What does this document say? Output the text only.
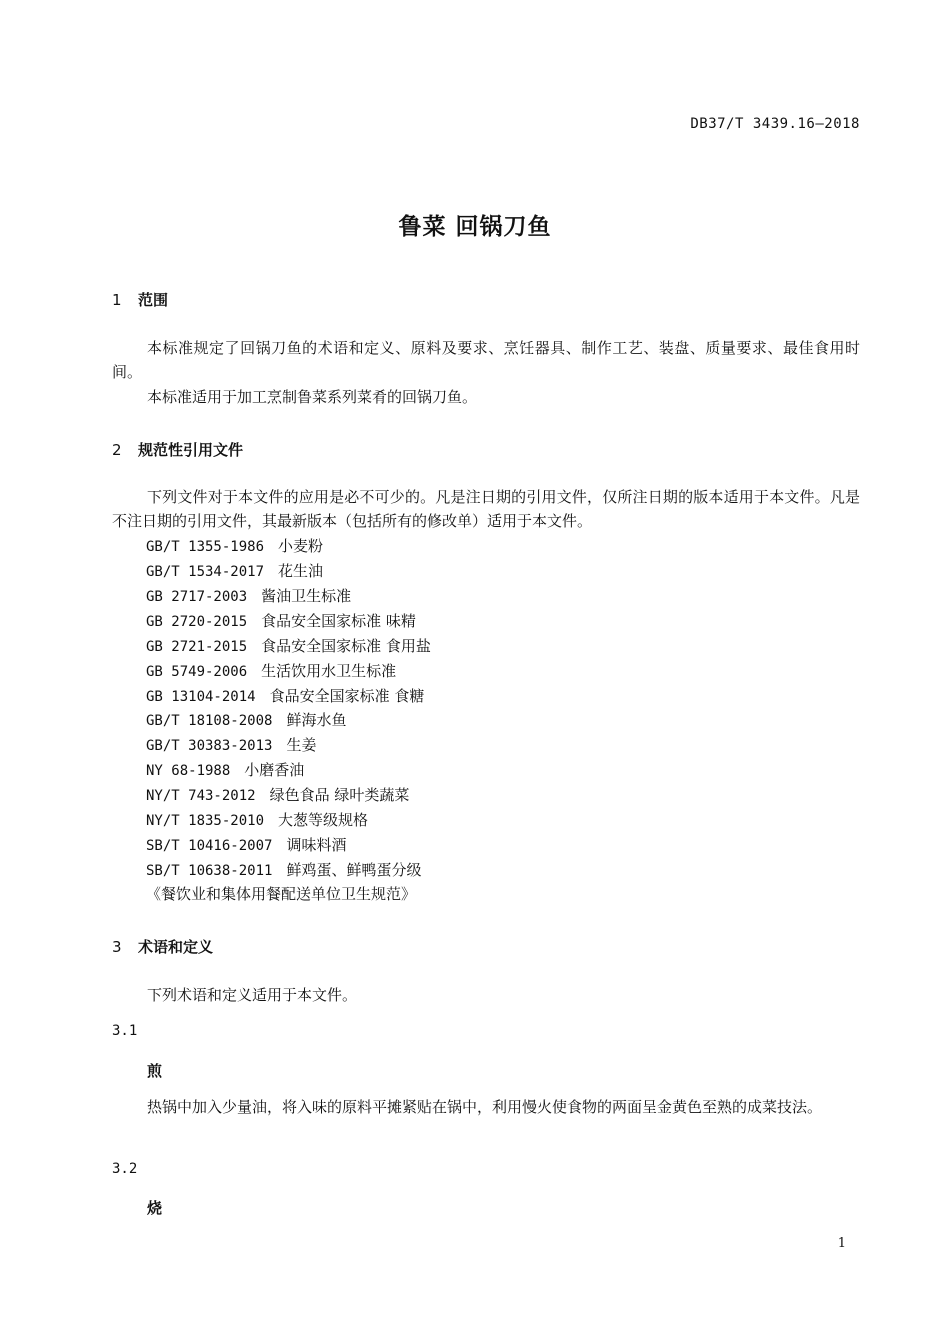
DB37/T 3439.16—2018
鲁菜 回锅刀鱼
1 范围
本标准规定了回锅刀鱼的术语和定义、原料及要求、烹饪器具、制作工艺、装盘、质量要求、最佳食用时间。
本标准适用于加工烹制鲁菜系列菜肴的回锅刀鱼。
2 规范性引用文件
下列文件对于本文件的应用是必不可少的。凡是注日期的引用文件，仅所注日期的版本适用于本文件。凡是不注日期的引用文件，其最新版本（包括所有的修改单）适用于本文件。
GB/T 1355-1986 小麦粉
GB/T 1534-2017 花生油
GB 2717-2003 酱油卫生标准
GB 2720-2015 食品安全国家标准 味精
GB 2721-2015 食品安全国家标准 食用盐
GB 5749-2006 生活饮用水卫生标准
GB 13104-2014 食品安全国家标准 食糖
GB/T 18108-2008 鲜海水鱼
GB/T 30383-2013 生姜
NY 68-1988 小磨香油
NY/T 743-2012 绿色食品 绿叶类蔬菜
NY/T 1835-2010 大葱等级规格
SB/T 10416-2007 调味料酒
SB/T 10638-2011 鲜鸡蛋、鲜鸭蛋分级
《餐饮业和集体用餐配送单位卫生规范》
3 术语和定义
下列术语和定义适用于本文件。
3.1
煎
热锅中加入少量油，将入味的原料平摊紧贴在锅中，利用慢火使食物的两面呈金黄色至熟的成菜技法。
3.2
烧
1
